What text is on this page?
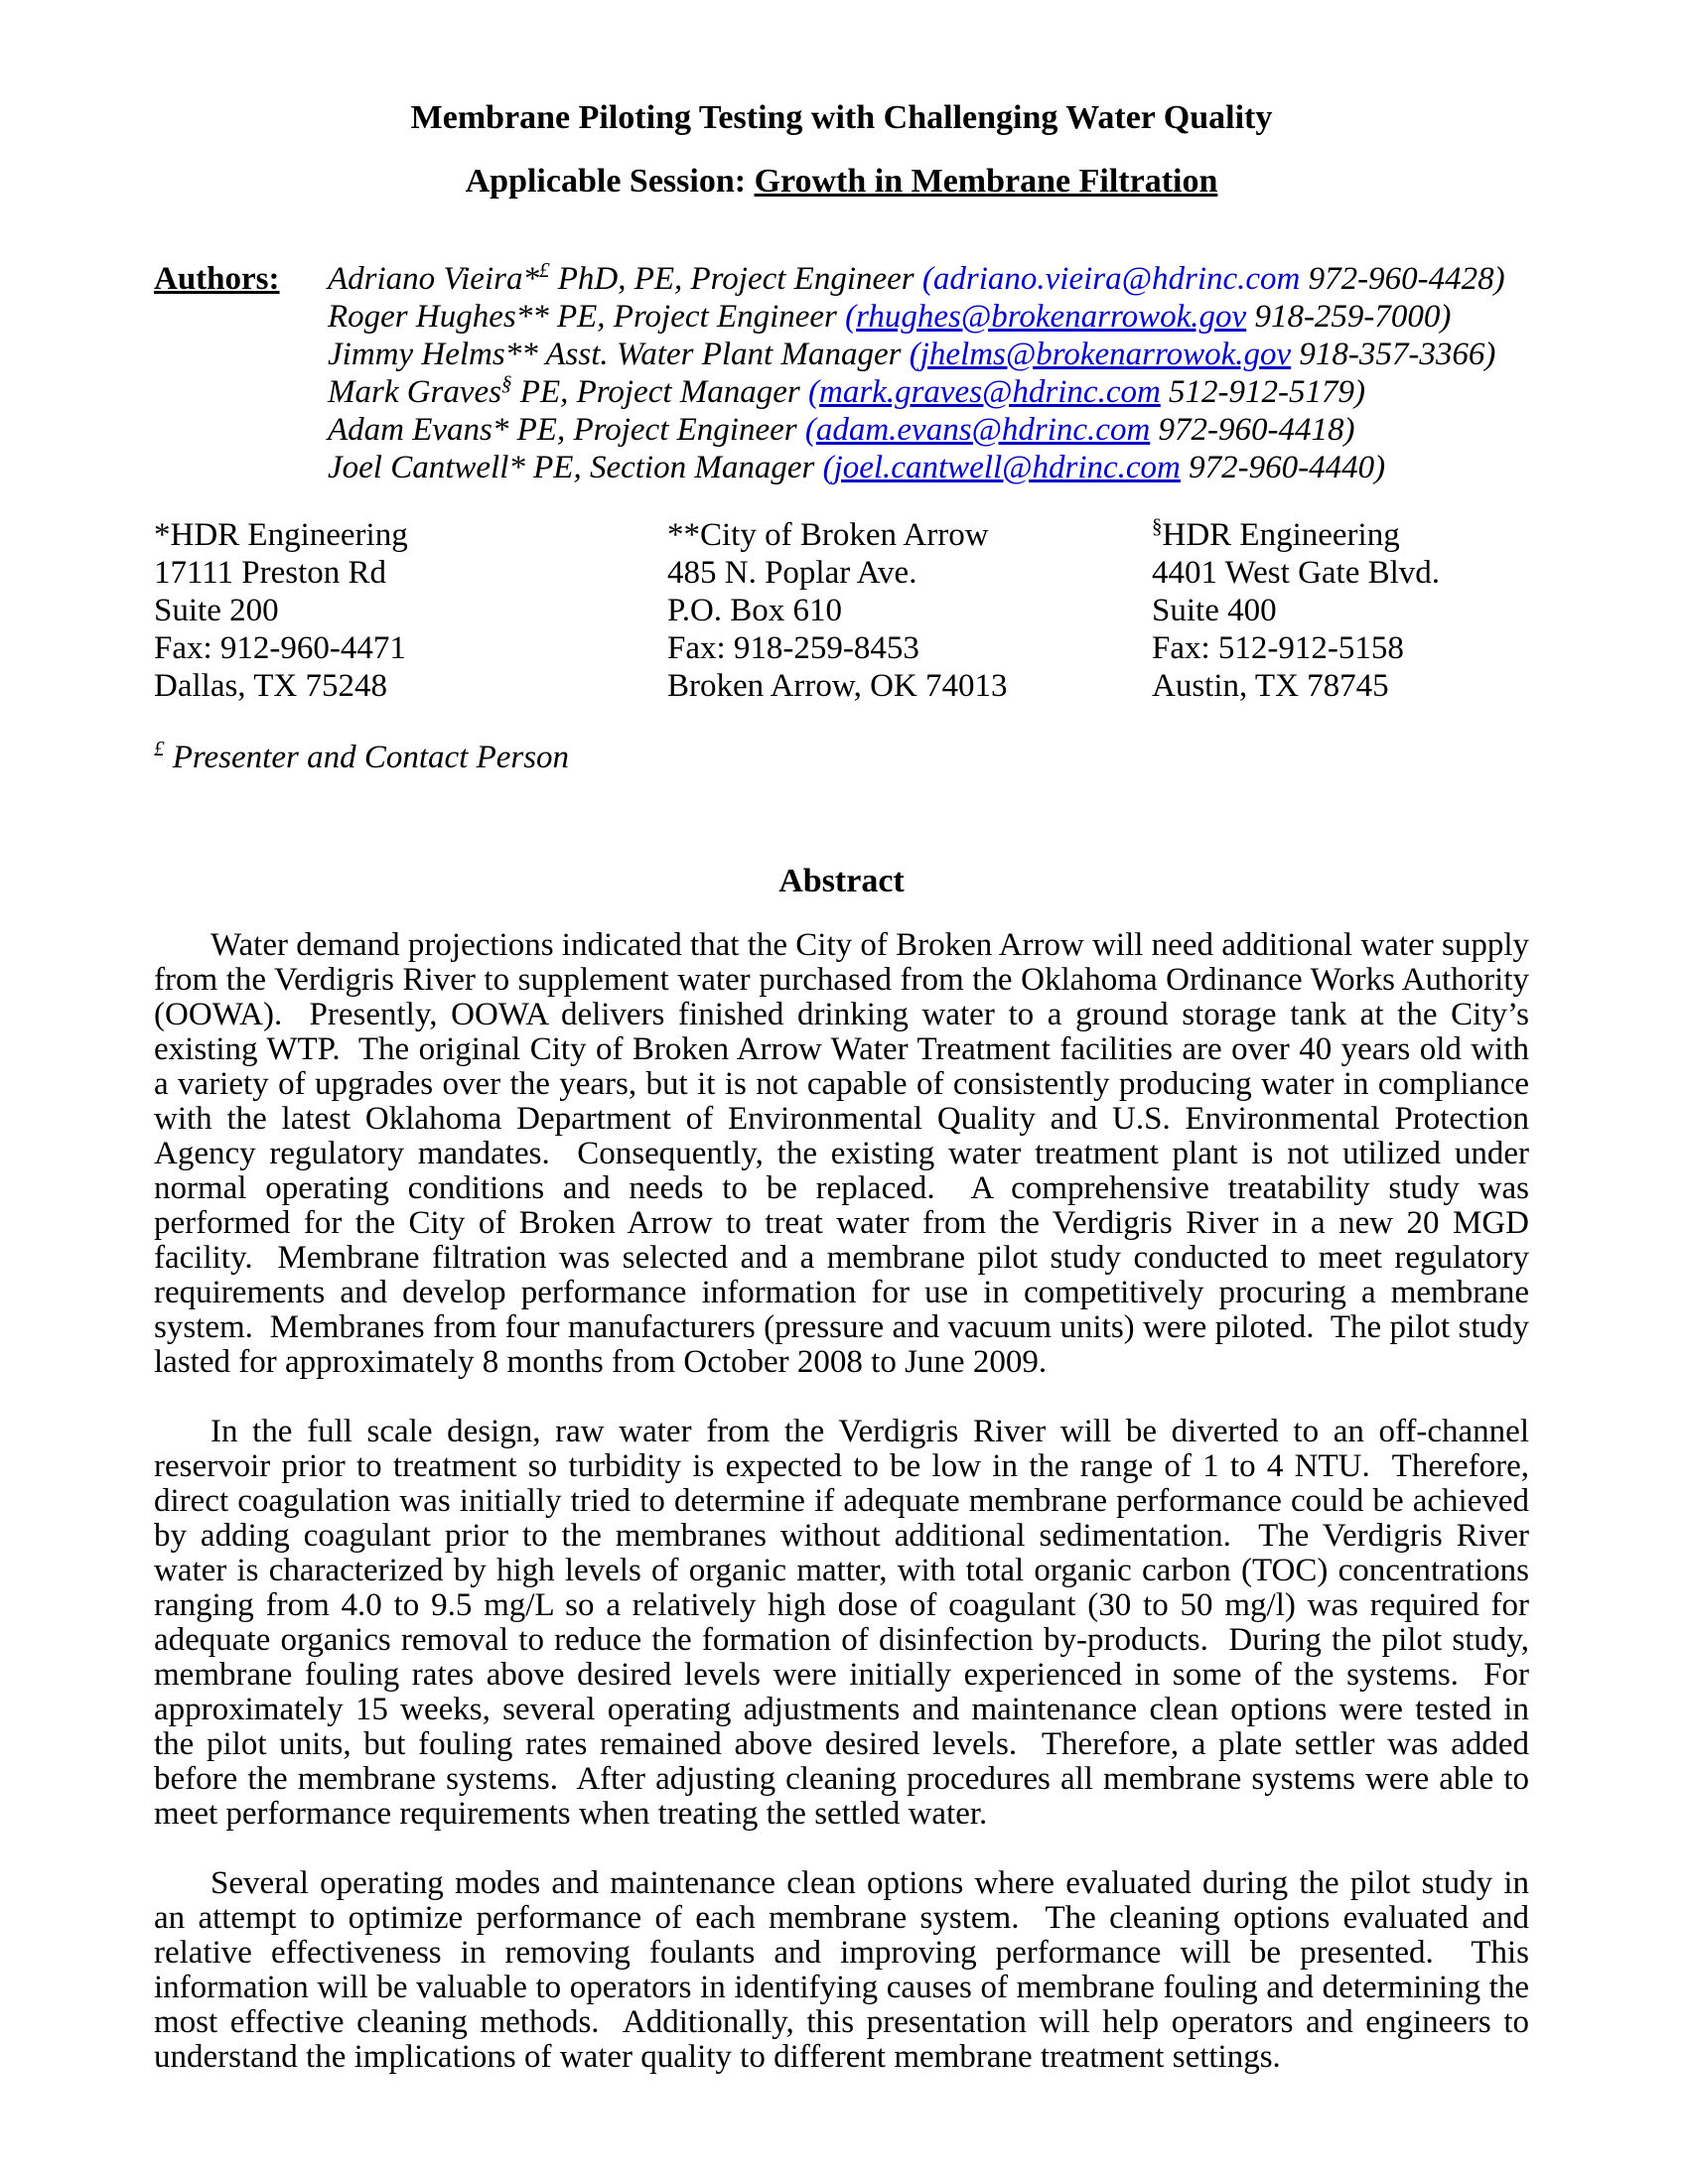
Membrane Piloting Testing with Challenging Water Quality
Applicable Session: Growth in Membrane Filtration
Authors:	Adriano Vieira*£ PhD, PE, Project Engineer (adriano.vieira@hdrinc.com 972-960-4428)
Roger Hughes** PE, Project Engineer (rhughes@brokenarrowok.gov 918-259-7000)
Jimmy Helms** Asst. Water Plant Manager (jhelms@brokenarrowok.gov 918-357-3366)
Mark Graves§ PE, Project Manager (mark.graves@hdrinc.com 512-912-5179)
Adam Evans* PE, Project Engineer (adam.evans@hdrinc.com 972-960-4418)
Joel Cantwell* PE, Section Manager (joel.cantwell@hdrinc.com 972-960-4440)
*HDR Engineering
17111 Preston Rd
Suite 200
Fax: 912-960-4471
Dallas, TX 75248
**City of Broken Arrow
485 N. Poplar Ave.
P.O. Box 610
Fax: 918-259-8453
Broken Arrow, OK 74013
§HDR Engineering
4401 West Gate Blvd.
Suite 400
Fax: 512-912-5158
Austin, TX 78745
£ Presenter and Contact Person
Abstract

Water demand projections indicated that the City of Broken Arrow will need additional water supply from the Verdigris River to supplement water purchased from the Oklahoma Ordinance Works Authority (OOWA).  Presently, OOWA delivers finished drinking water to a ground storage tank at the City’s existing WTP.  The original City of Broken Arrow Water Treatment facilities are over 40 years old with a variety of upgrades over the years, but it is not capable of consistently producing water in compliance with the latest Oklahoma Department of Environmental Quality and U.S. Environmental Protection Agency regulatory mandates.  Consequently, the existing water treatment plant is not utilized under normal operating conditions and needs to be replaced.  A comprehensive treatability study was performed for the City of Broken Arrow to treat water from the Verdigris River in a new 20 MGD facility.  Membrane filtration was selected and a membrane pilot study conducted to meet regulatory requirements and develop performance information for use in competitively procuring a membrane system.  Membranes from four manufacturers (pressure and vacuum units) were piloted.  The pilot study lasted for approximately 8 months from October 2008 to June 2009.

In the full scale design, raw water from the Verdigris River will be diverted to an off-channel reservoir prior to treatment so turbidity is expected to be low in the range of 1 to 4 NTU.  Therefore, direct coagulation was initially tried to determine if adequate membrane performance could be achieved by adding coagulant prior to the membranes without additional sedimentation.  The Verdigris River water is characterized by high levels of organic matter, with total organic carbon (TOC) concentrations ranging from 4.0 to 9.5 mg/L so a relatively high dose of coagulant (30 to 50 mg/l) was required for adequate organics removal to reduce the formation of disinfection by-products.  During the pilot study, membrane fouling rates above desired levels were initially experienced in some of the systems.  For approximately 15 weeks, several operating adjustments and maintenance clean options were tested in the pilot units, but fouling rates remained above desired levels.  Therefore, a plate settler was added before the membrane systems.  After adjusting cleaning procedures all membrane systems were able to meet performance requirements when treating the settled water.

Several operating modes and maintenance clean options where evaluated during the pilot study in an attempt to optimize performance of each membrane system.  The cleaning options evaluated and relative effectiveness in removing foulants and improving performance will be presented.  This information will be valuable to operators in identifying causes of membrane fouling and determining the most effective cleaning methods.  Additionally, this presentation will help operators and engineers to understand the implications of water quality to different membrane treatment settings.
